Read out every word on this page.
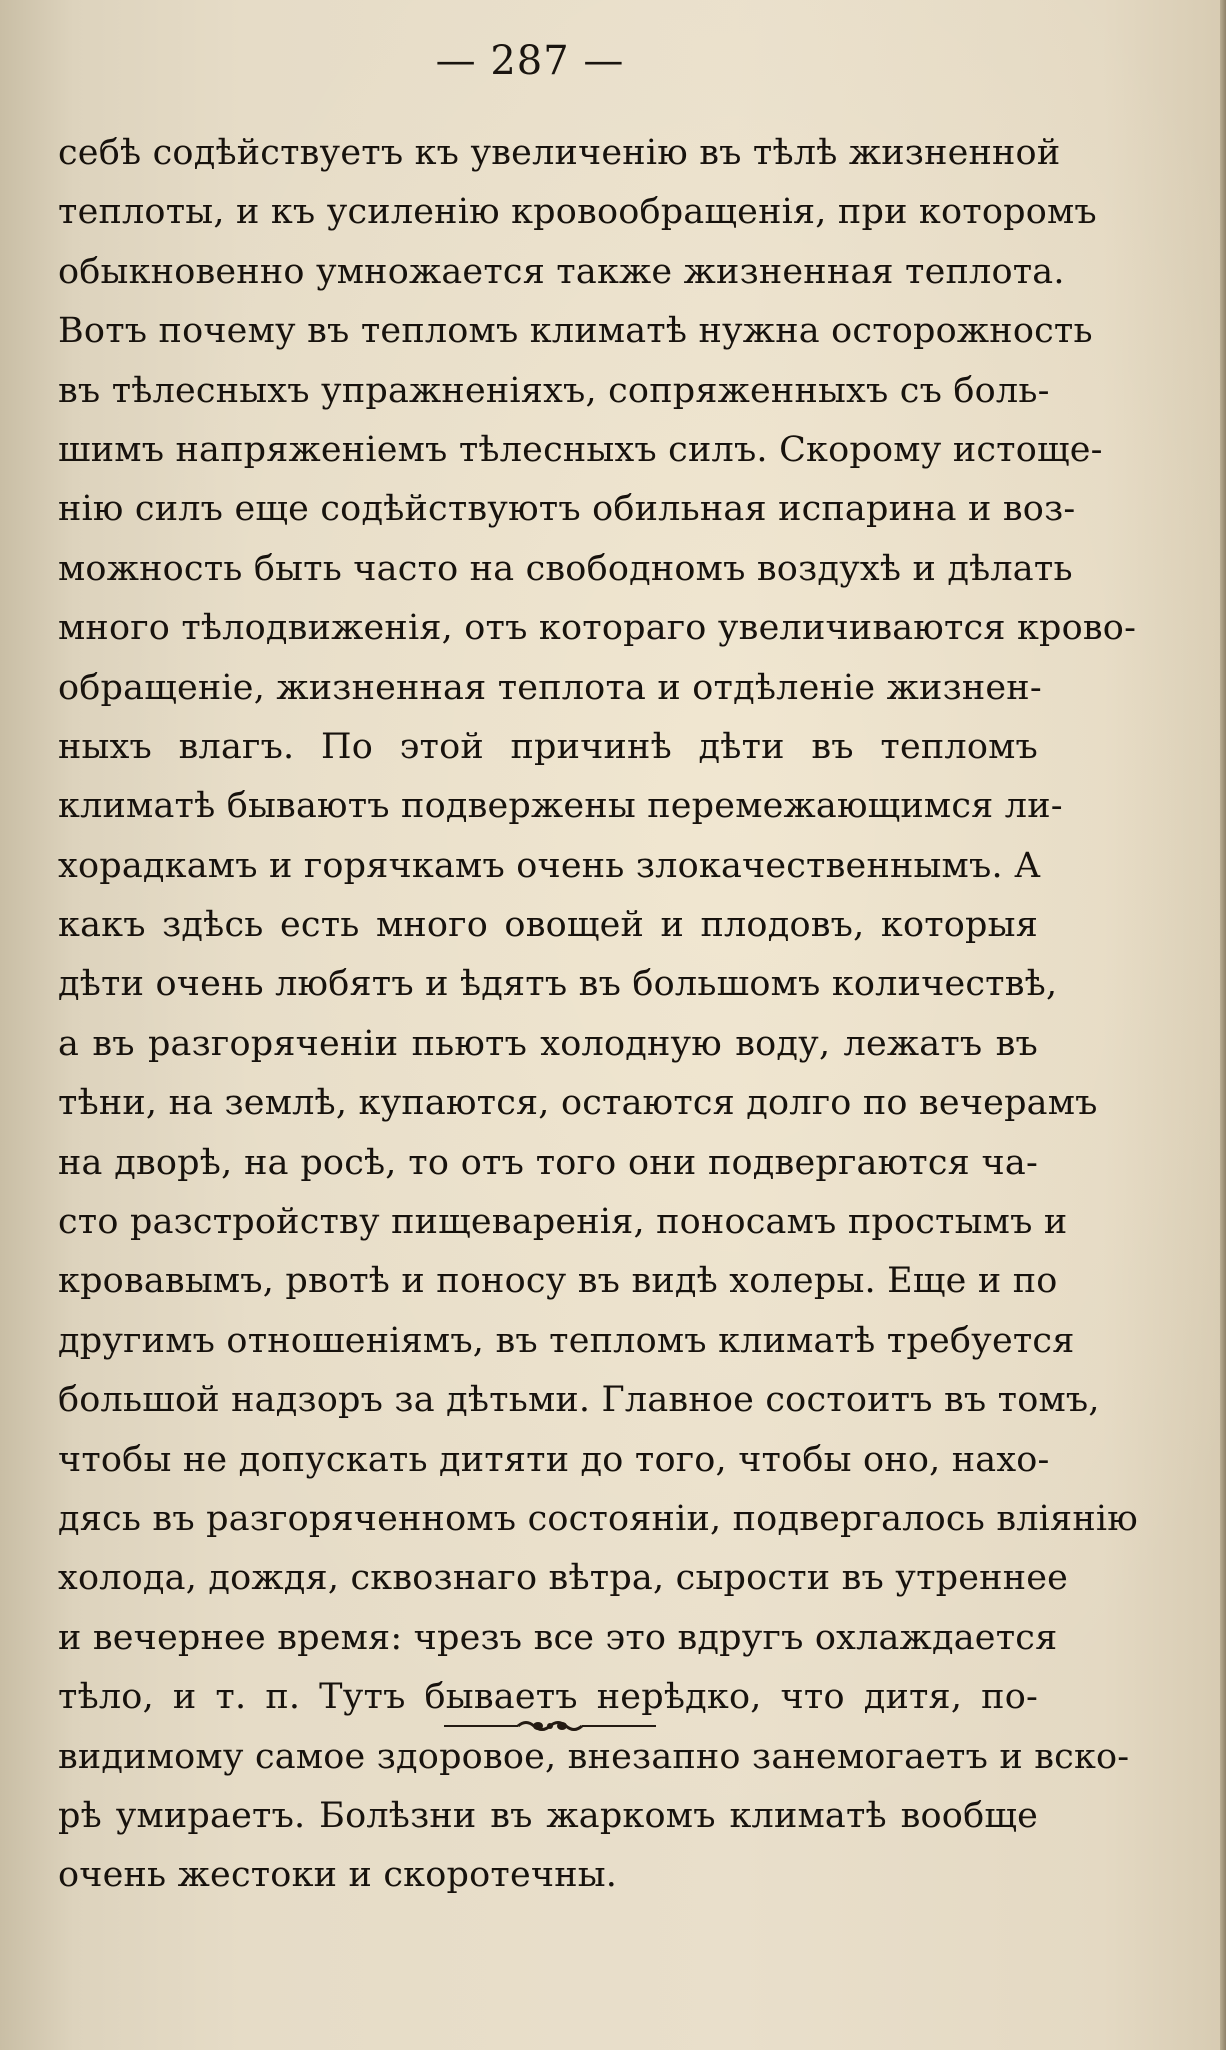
— 287 —
себѣ содѣйствуетъ къ увеличенію въ тѣлѣ жизненной
теплоты, и къ усиленію кровообращенія, при которомъ
обыкновенно умножается также жизненная теплота.
Вотъ почему въ тепломъ климатѣ нужна осторожность
въ тѣлесныхъ упражненіяхъ, сопряженныхъ съ боль-
шимъ напряженіемъ тѣлесныхъ силъ. Скорому истоще-
нію силъ еще содѣйствуютъ обильная испарина и воз-
можность быть часто на свободномъ воздухѣ и дѣлать
много тѣлодвиженія, отъ котораго увеличиваются крово-
обращеніе, жизненная теплота и отдѣленіе жизнен-
ныхъ влагъ. По этой причинѣ дѣти въ тепломъ
климатѣ бываютъ подвержены перемежающимся ли-
хорадкамъ и горячкамъ очень злокачественнымъ. А
какъ здѣсь есть много овощей и плодовъ, которыя
дѣти очень любятъ и ѣдятъ въ большомъ количествѣ,
а въ разгоряченіи пьютъ холодную воду, лежатъ въ
тѣни, на землѣ, купаются, остаются долго по вечерамъ
на дворѣ, на росѣ, то отъ того они подвергаются ча-
сто разстройству пищеваренія, поносамъ простымъ и
кровавымъ, рвотѣ и поносу въ видѣ холеры. Еще и по
другимъ отношеніямъ, въ тепломъ климатѣ требуется
большой надзоръ за дѣтьми. Главное состоитъ въ томъ,
чтобы не допускать дитяти до того, чтобы оно, нахо-
дясь въ разгоряченномъ состояніи, подвергалось вліянію
холода, дождя, сквознаго вѣтра, сырости въ утреннее
и вечернее время: чрезъ все это вдругъ охлаждается
тѣло, и т. п. Тутъ бываетъ нерѣдко, что дитя, по-
видимому самое здоровое, внезапно занемогаетъ и вско-
рѣ умираетъ. Болѣзни въ жаркомъ климатѣ вообще
очень жестоки и скоротечны.
